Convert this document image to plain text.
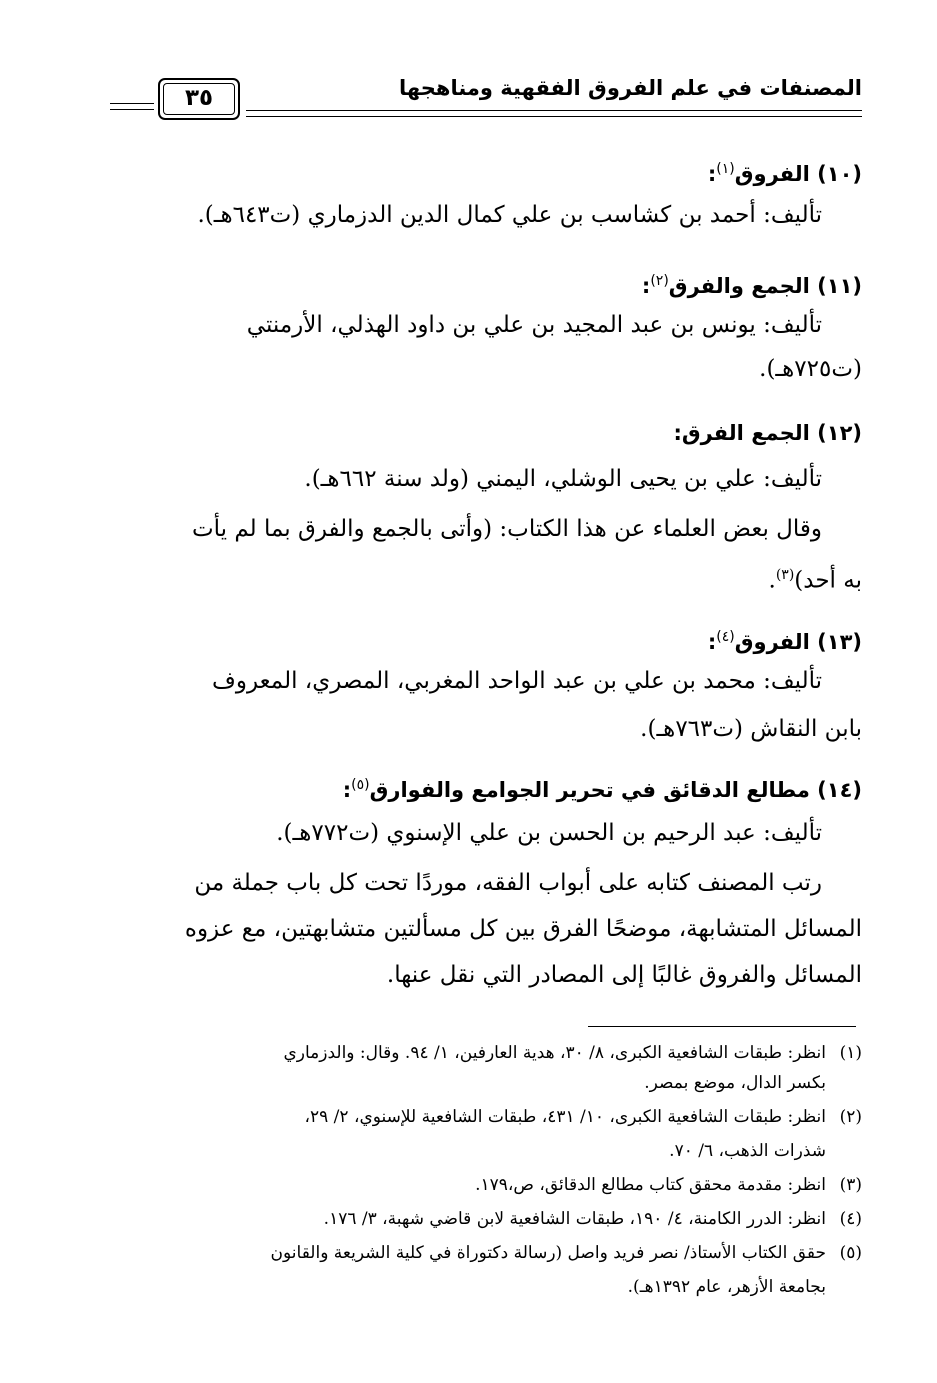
المصنفات في علم الفروق الفقهية ومناهجها
٣٥
(١٠) الفروق$^{(١)}$:
تأليف: أحمد بن كشاسب بن علي كمال الدين الدزماري (ت٦٤٣هـ).
(١١) الجمع والفرق$^{(٢)}$:
تأليف: يونس بن عبد المجيد بن علي بن داود الهذلي، الأرمنتي
(ت٧٢٥هـ).
(١٢) الجمع الفرق:
تأليف: علي بن يحيى الوشلي، اليمني (ولد سنة ٦٦٢هـ).
وقال بعض العلماء عن هذا الكتاب: (وأتى بالجمع والفرق بما لم يأت
به أحد)$^{(٣)}$.
(١٣) الفروق$^{(٤)}$:
تأليف: محمد بن علي بن عبد الواحد المغربي، المصري، المعروف
بابن النقاش (ت٧٦٣هـ).
(١٤) مطالع الدقائق في تحرير الجوامع والفوارق$^{(٥)}$:
تأليف: عبد الرحيم بن الحسن بن علي الإسنوي (ت٧٧٢هـ).
رتب المصنف كتابه على أبواب الفقه، موردًا تحت كل باب جملة من
المسائل المتشابهة، موضحًا الفرق بين كل مسألتين متشابهتين، مع عزوه
المسائل والفروق غالبًا إلى المصادر التي نقل عنها.
(١)انظر: طبقات الشافعية الكبرى، ٨/ ٣٠، هدية العارفين، ١/ ٩٤. وقال: والدزماري
بكسر الدال، موضع بمصر.
(٢)انظر: طبقات الشافعية الكبرى، ١٠/ ٤٣١، طبقات الشافعية للإسنوي، ٢/ ٢٩،
شذرات الذهب، ٦/ ٧٠.
(٣)انظر: مقدمة محقق كتاب مطالع الدقائق، ص،١٧٩.
(٤)انظر: الدرر الكامنة، ٤/ ١٩٠، طبقات الشافعية لابن قاضي شهبة، ٣/ ١٧٦.
(٥)حقق الكتاب الأستاذ/ نصر فريد واصل (رسالة دكتوراة في كلية الشريعة والقانون
بجامعة الأزهر، عام ١٣٩٢هـ).
